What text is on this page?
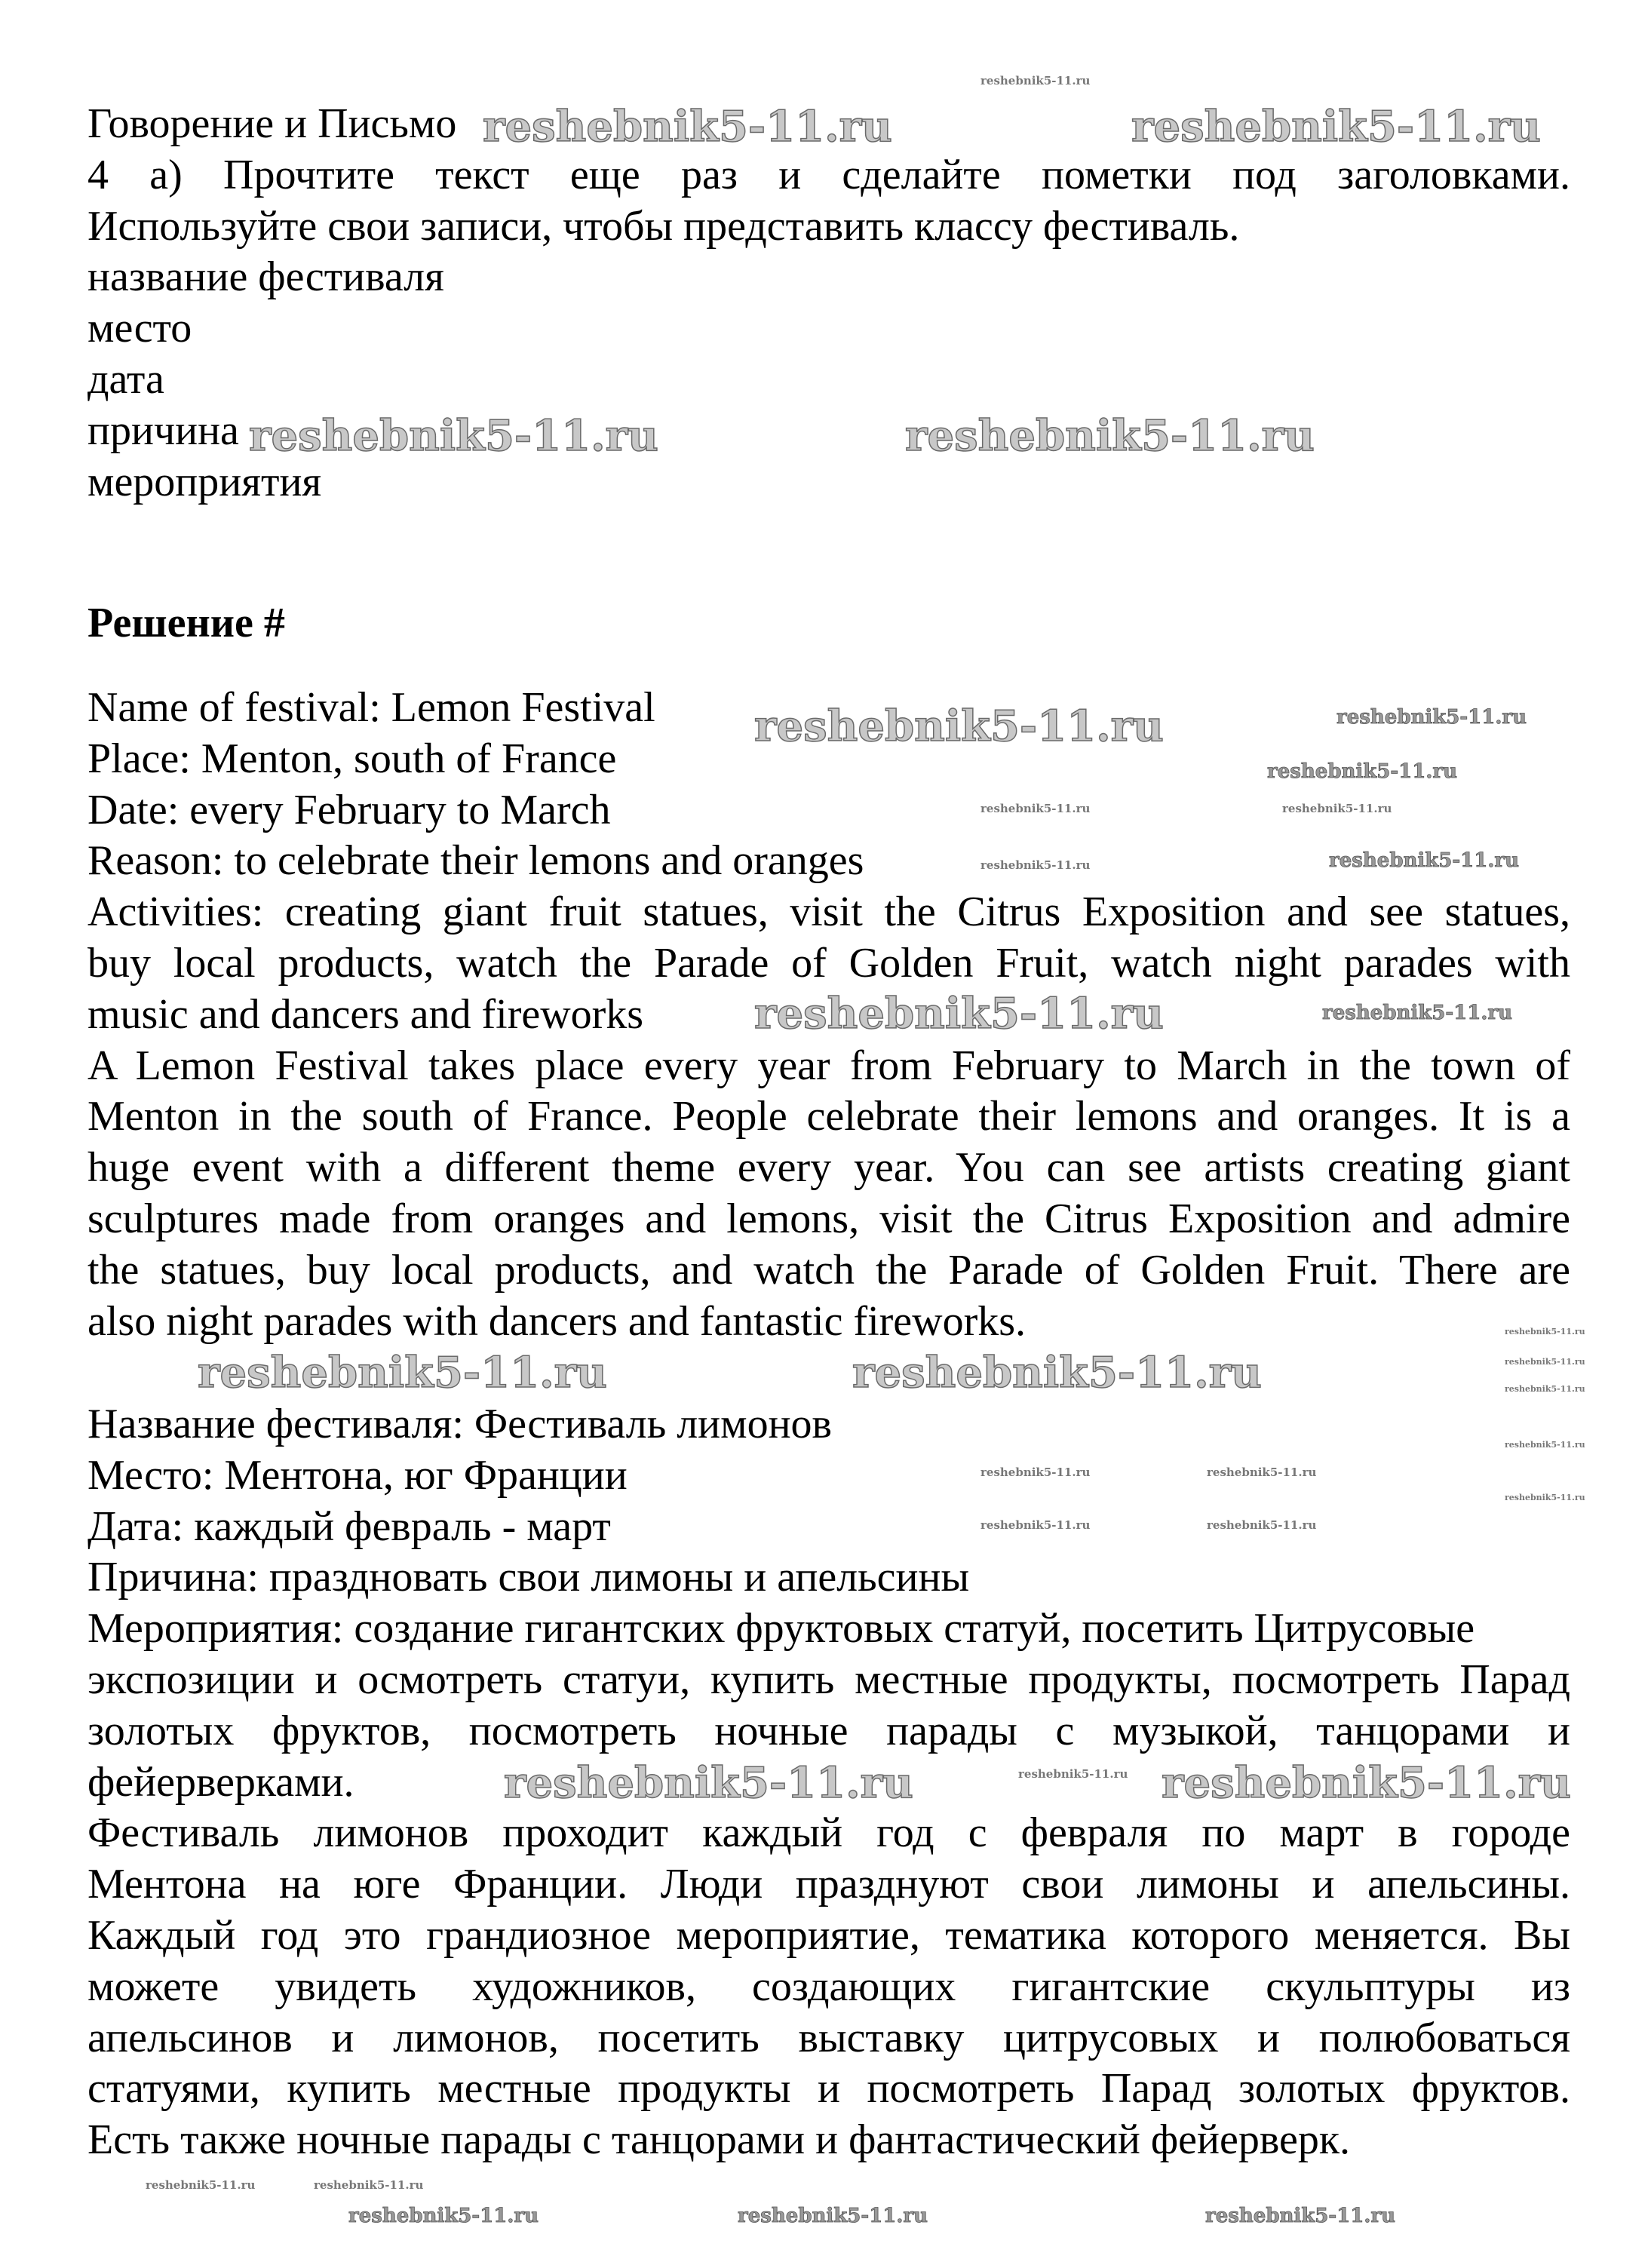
Говорение и Письмо
4 a) Прочтите текст еще раз и сделайте пометки под заголовками.
Используйте свои записи, чтобы представить классу фестиваль.
название фестиваля
место
дата
причина
мероприятия
Решение #
Name of festival: Lemon Festival
Place: Menton, south of France
Date: every February to March
Reason: to celebrate their lemons and oranges
Activities: creating giant fruit statues, visit the Citrus Exposition and see statues,
buy local products, watch the Parade of Golden Fruit, watch night parades with
music and dancers and fireworks
A Lemon Festival takes place every year from February to March in the town of
Menton in the south of France. People celebrate their lemons and oranges. It is a
huge event with a different theme every year. You can see artists creating giant
sculptures made from oranges and lemons, visit the Citrus Exposition and admire
the statues, buy local products, and watch the Parade of Golden Fruit. There are
also night parades with dancers and fantastic fireworks.
Название фестиваля: Фестиваль лимонов
Место: Ментона, юг Франции
Дата: каждый февраль - март
Причина: праздновать свои лимоны и апельсины
Мероприятия: создание гигантских фруктовых статуй, посетить Цитрусовые
экспозиции и осмотреть статуи, купить местные продукты, посмотреть Парад
золотых фруктов, посмотреть ночные парады с музыкой, танцорами и
фейерверками.
Фестиваль лимонов проходит каждый год с февраля по март в городе
Ментона на юге Франции. Люди празднуют свои лимоны и апельсины.
Каждый год это грандиозное мероприятие, тематика которого меняется. Вы
можете увидеть художников, создающих гигантские скульптуры из
апельсинов и лимонов, посетить выставку цитрусовых и полюбоваться
статуями, купить местные продукты и посмотреть Парад золотых фруктов.
Есть также ночные парады с танцорами и фантастический фейерверк.
reshebnik5-11.ru	reshebnik5-11.ru
reshebnik5-11.ru	reshebnik5-11.ru
reshebnik5-11.ru
reshebnik5-11.ru
reshebnik5-11.ru	reshebnik5-11.ru
reshebnik5-11.ru	reshebnik5-11.ru
reshebnik5-11.ru
reshebnik5-11.ru
reshebnik5-11.ru
reshebnik5-11.ru
reshebnik5-11.ru
reshebnik5-11.ru
reshebnik5-11.ru
reshebnik5-11.ru
reshebnik5-11.ru
reshebnik5-11.ru
reshebnik5-11.ru
reshebnik5-11.ru
reshebnik5-11.ru
reshebnik5-11.ru	reshebnik5-11.ru
reshebnik5-11.ru	reshebnik5-11.ru	reshebnik5-11.ru
reshebnik5-11.ru
reshebnik5-11.ru
reshebnik5-11.ru
reshebnik5-11.ru
reshebnik5-11.ru
